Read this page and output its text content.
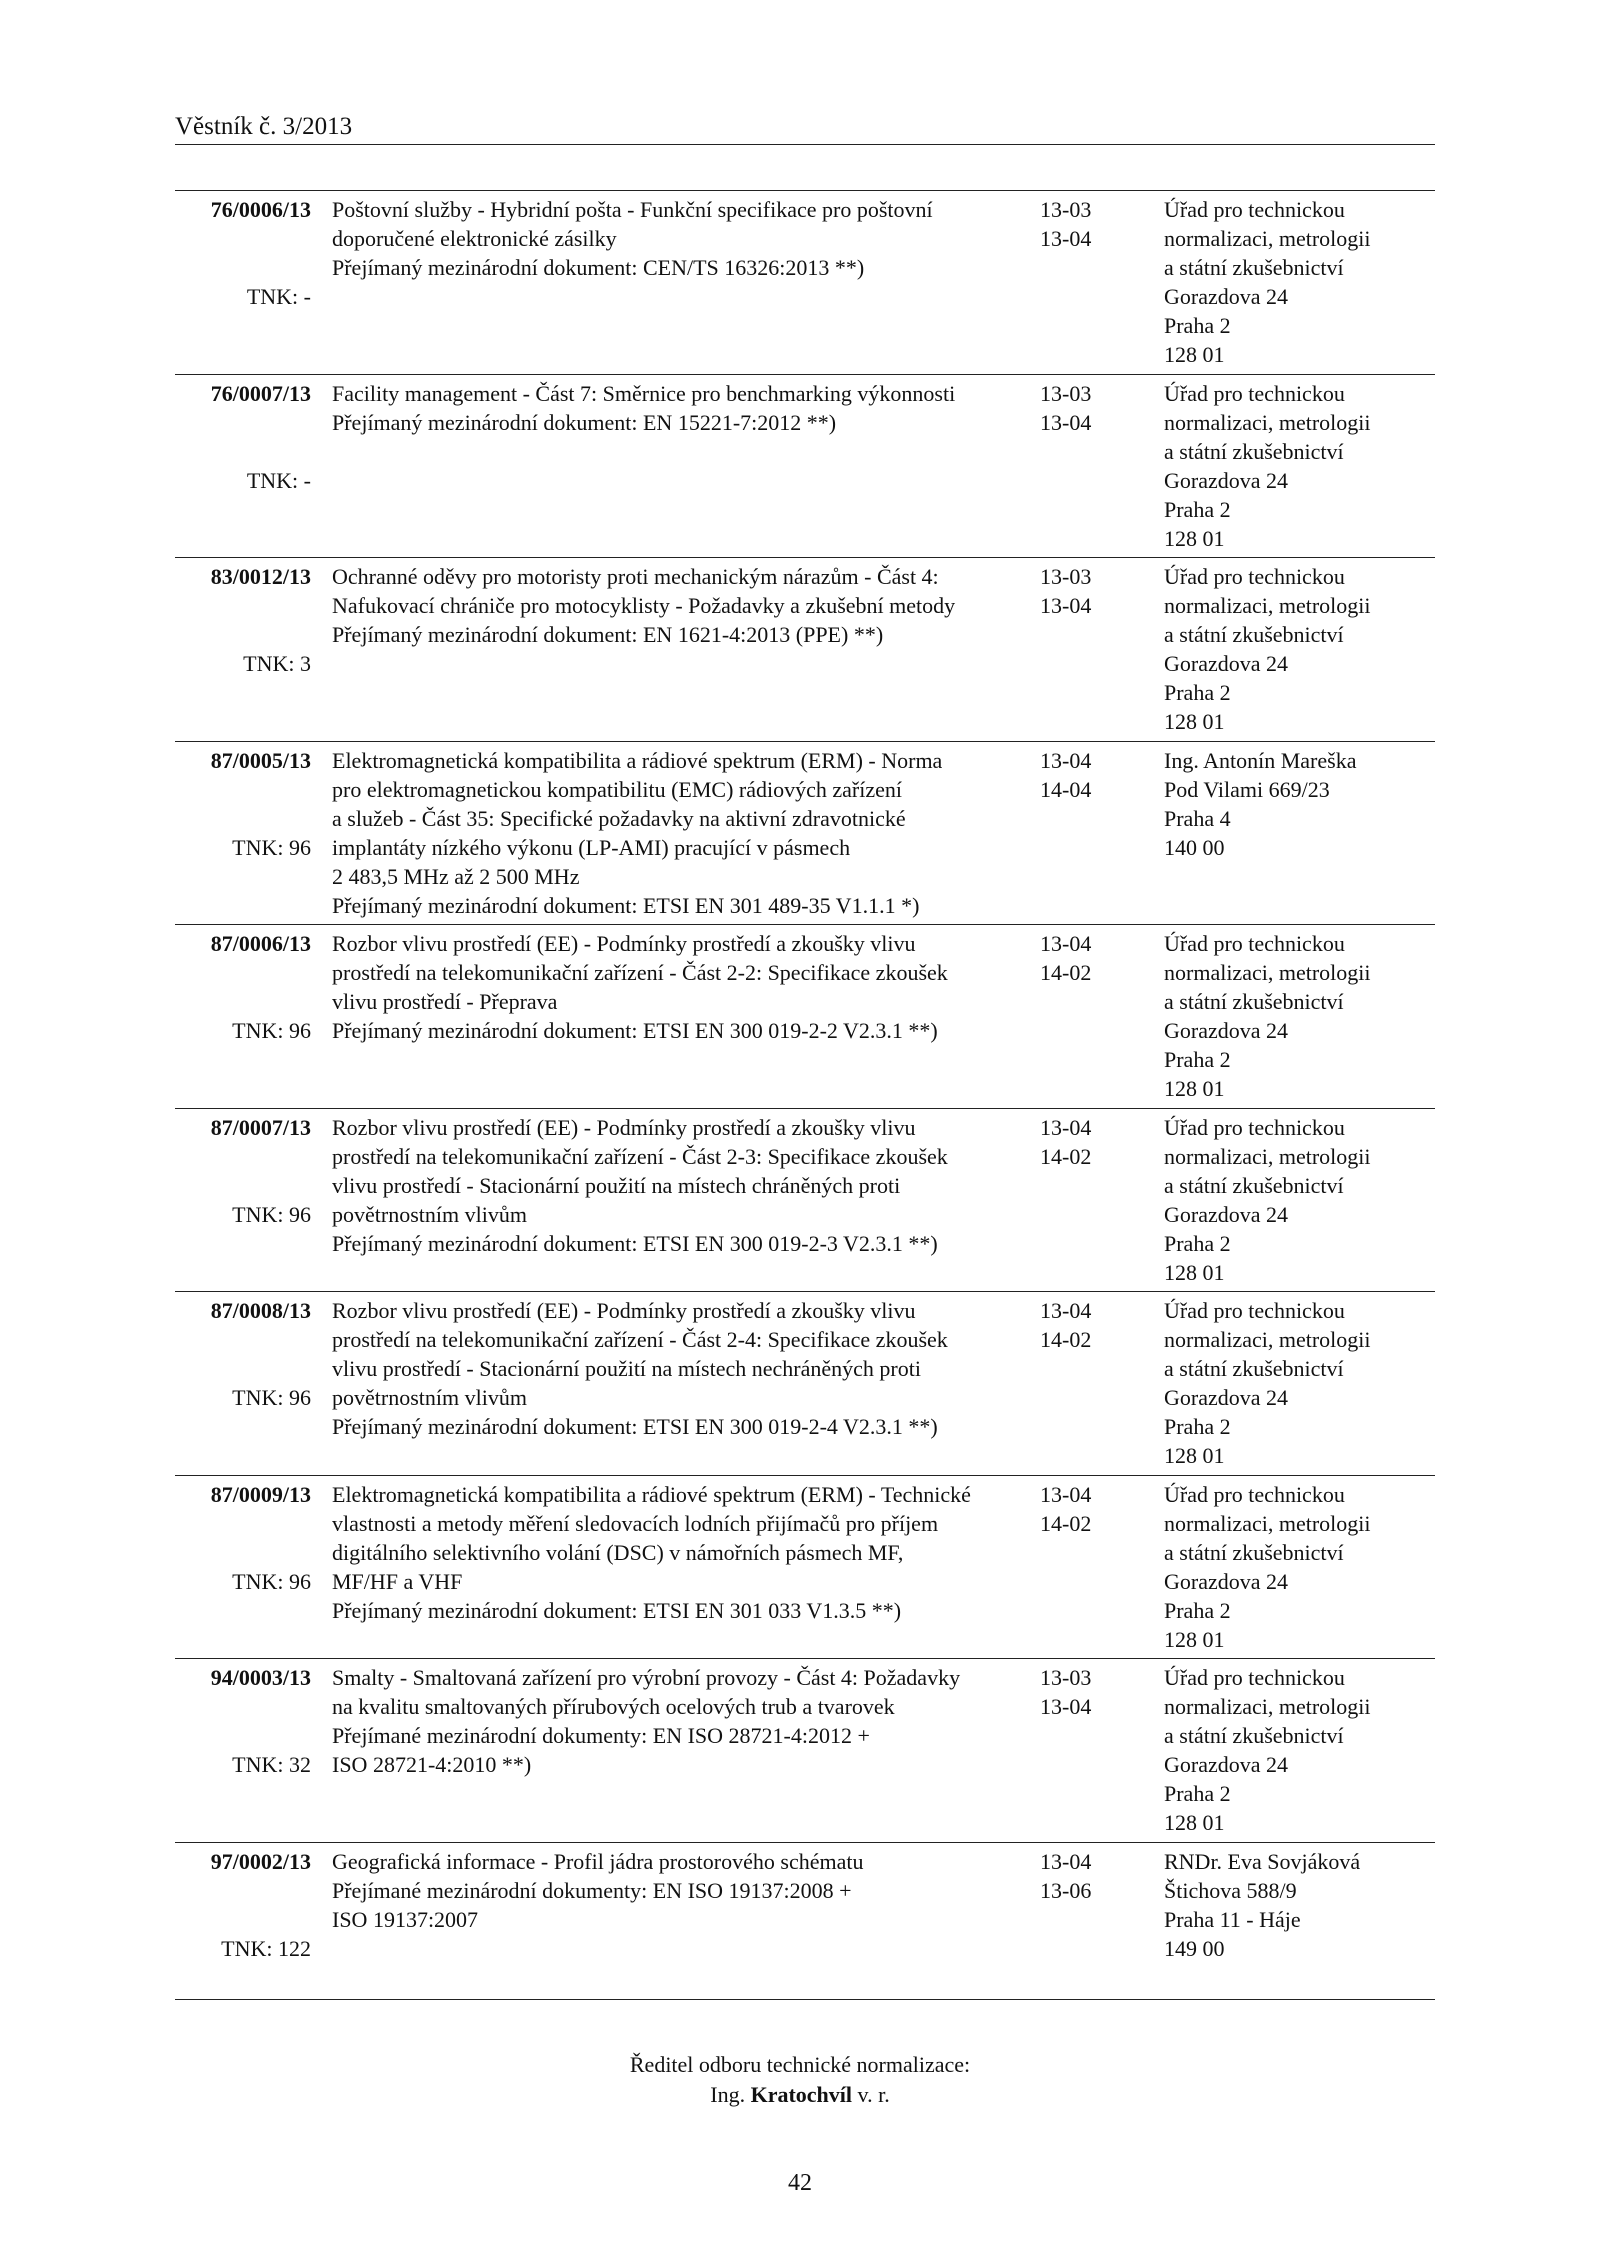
Věstník č. 3/2013
76/0006/13
TNK: -
Poštovní služby - Hybridní pošta - Funkční specifikace pro poštovní
doporučené elektronické zásilky
Přejímaný mezinárodní dokument: CEN/TS 16326:2013 **)
13-03
13-04
Úřad pro technickou
normalizaci, metrologii
a státní zkušebnictví
Gorazdova 24
Praha 2
128 01
76/0007/13
TNK: -
Facility management - Část 7: Směrnice pro benchmarking výkonnosti
Přejímaný mezinárodní dokument: EN 15221-7:2012 **)
13-03
13-04
Úřad pro technickou
normalizaci, metrologii
a státní zkušebnictví
Gorazdova 24
Praha 2
128 01
83/0012/13
TNK: 3
Ochranné oděvy pro motoristy proti mechanickým nárazům - Část 4:
Nafukovací chrániče pro motocyklisty - Požadavky a zkušební metody
Přejímaný mezinárodní dokument: EN 1621-4:2013 (PPE) **)
13-03
13-04
Úřad pro technickou
normalizaci, metrologii
a státní zkušebnictví
Gorazdova 24
Praha 2
128 01
87/0005/13
TNK: 96
Elektromagnetická kompatibilita a rádiové spektrum (ERM) - Norma
pro elektromagnetickou kompatibilitu (EMC) rádiových zařízení
a služeb - Část 35: Specifické požadavky na aktivní zdravotnické
implantáty nízkého výkonu (LP-AMI) pracující v pásmech
2 483,5 MHz až 2 500 MHz
Přejímaný mezinárodní dokument: ETSI EN 301 489-35 V1.1.1 *)
13-04
14-04
Ing. Antonín Mareška
Pod Vilami 669/23
Praha 4
140 00
87/0006/13
TNK: 96
Rozbor vlivu prostředí (EE) - Podmínky prostředí a zkoušky vlivu
prostředí na telekomunikační zařízení - Část 2-2: Specifikace zkoušek
vlivu prostředí - Přeprava
Přejímaný mezinárodní dokument: ETSI EN 300 019-2-2 V2.3.1 **)
13-04
14-02
Úřad pro technickou
normalizaci, metrologii
a státní zkušebnictví
Gorazdova 24
Praha 2
128 01
87/0007/13
TNK: 96
Rozbor vlivu prostředí (EE) - Podmínky prostředí a zkoušky vlivu
prostředí na telekomunikační zařízení - Část 2-3: Specifikace zkoušek
vlivu prostředí - Stacionární použití na místech chráněných proti
povětrnostním vlivům
Přejímaný mezinárodní dokument: ETSI EN 300 019-2-3 V2.3.1 **)
13-04
14-02
Úřad pro technickou
normalizaci, metrologii
a státní zkušebnictví
Gorazdova 24
Praha 2
128 01
87/0008/13
TNK: 96
Rozbor vlivu prostředí (EE) - Podmínky prostředí a zkoušky vlivu
prostředí na telekomunikační zařízení - Část 2-4: Specifikace zkoušek
vlivu prostředí - Stacionární použití na místech nechráněných proti
povětrnostním vlivům
Přejímaný mezinárodní dokument: ETSI EN 300 019-2-4 V2.3.1 **)
13-04
14-02
Úřad pro technickou
normalizaci, metrologii
a státní zkušebnictví
Gorazdova 24
Praha 2
128 01
87/0009/13
TNK: 96
Elektromagnetická kompatibilita a rádiové spektrum (ERM) - Technické
vlastnosti a metody měření sledovacích lodních přijímačů pro příjem
digitálního selektivního volání (DSC) v námořních pásmech MF,
MF/HF a VHF
Přejímaný mezinárodní dokument: ETSI EN 301 033 V1.3.5 **)
13-04
14-02
Úřad pro technickou
normalizaci, metrologii
a státní zkušebnictví
Gorazdova 24
Praha 2
128 01
94/0003/13
TNK: 32
Smalty - Smaltovaná zařízení pro výrobní provozy - Část 4: Požadavky
na kvalitu smaltovaných přírubových ocelových trub a tvarovek
Přejímané mezinárodní dokumenty: EN ISO 28721-4:2012 +
ISO 28721-4:2010 **)
13-03
13-04
Úřad pro technickou
normalizaci, metrologii
a státní zkušebnictví
Gorazdova 24
Praha 2
128 01
97/0002/13
TNK: 122
Geografická informace - Profil jádra prostorového schématu
Přejímané mezinárodní dokumenty: EN ISO 19137:2008 +
ISO 19137:2007
13-04
13-06
RNDr. Eva Sovjáková
Štichova 588/9
Praha 11 - Háje
149 00
Ředitel odboru technické normalizace:
Ing. Kratochvíl v. r.
42
